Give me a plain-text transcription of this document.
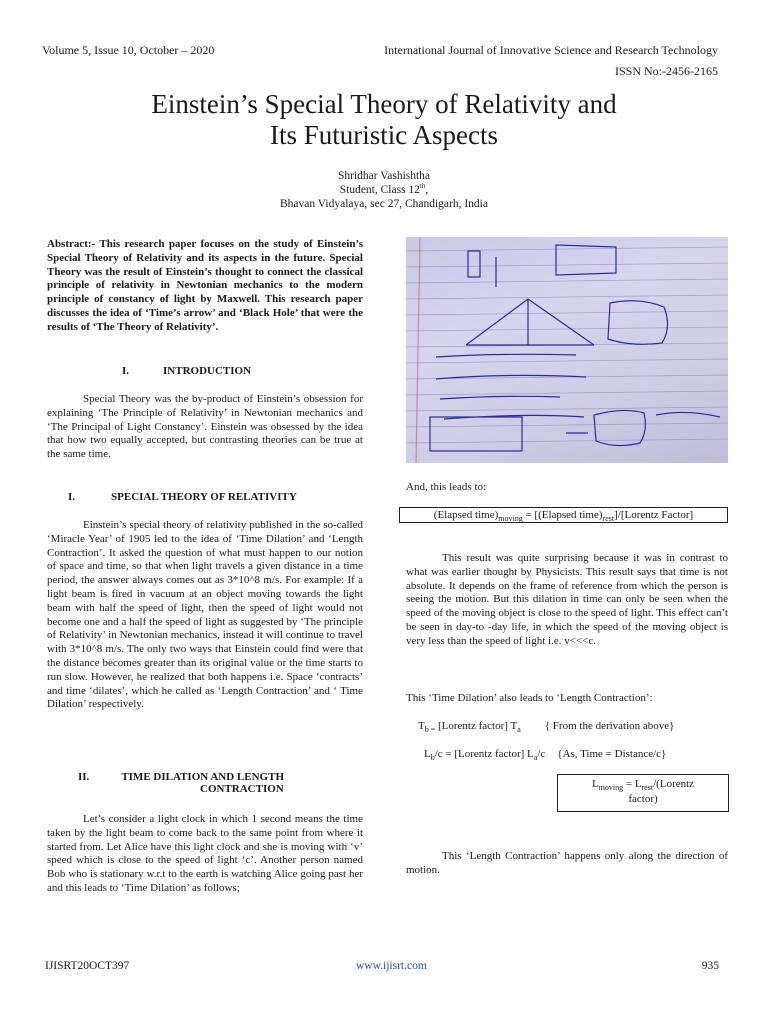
Volume 5, Issue 10, October – 2020	International Journal of Innovative Science and Research Technology
ISSN No:-2456-2165
Einstein’s Special Theory of Relativity and
Its Futuristic Aspects
Shridhar Vashishtha
Student, Class 12th,
Bhavan Vidyalaya, sec 27, Chandigarh, India
Abstract:- This research paper focuses on the study of Einstein’s Special Theory of Relativity and its aspects in the future. Special Theory was the result of Einstein’s thought to connect the classical principle of relativity in Newtonian mechanics to the modern principle of constancy of light by Maxwell. This research paper discusses the idea of ‘Time’s arrow’ and ‘Black Hole’ that were the results of ‘The Theory of Relativity’.
I.	INTRODUCTION
Special Theory was the by-product of Einstein’s obsession for explaining ‘The Principle of Relativity’ in Newtonian mechanics and ‘The Principal of Light Constancy’. Einstein was obsessed by the idea that how two equally accepted, but contrasting theories can be true at the same time.
I.	SPECIAL THEORY OF RELATIVITY
Einstein’s special theory of relativity published in the so-called ‘Miracle Year’ of 1905 led to the idea of ‘Time Dilation’ and ‘Length Contraction’. It asked the question of what must happen to our notion of space and time, so that when light travels a given distance in a time period, the answer always comes out as 3*10^8 m/s. For example: If a light beam is fired in vacuum at an object moving towards the light beam with half the speed of light, then the speed of light would not become one and a half the speed of light as suggested by ‘The principle of Relativity’ in Newtonian mechanics, instead it will continue to travel with 3*10^8 m/s. The only two ways that Einstein could find were that the distance becomes greater than its original value or the time starts to run slow. However, he realized that both happens i.e. Space ‘contracts’ and time ‘dilates’, which he called as ‘Length Contraction’ and ‘ Time Dilation’ respectively.
II.	TIME DILATION AND LENGTH
CONTRACTION
Let’s consider a light clock in which 1 second means the time taken by the light beam to come back to the same point from where it started from. Let Alice have this light clock and she is moving with ‘v’ speed which is close to the speed of light ‘c’. Another person named Bob who is stationary w.r.t to the earth is watching Alice going past her and this leads to ‘Time Dilation’ as follows;
And, this leads to:
(Elapsed $time)_{moving}$ = [(Elapsed $time)_{rest}]/[Lorentz$ Factor]
This result was quite surprising because it was in contrast to what was earlier thought by Physicists. This result says that time is not absolute. It depends on the frame of reference from which the person is seeing the motion. But this dilation in time can only be seen when the speed of the moving object is close to the speed of light. This effect can’t be seen in day-to -day life, in which the speed of the moving object is very less than the speed of light i.e. v<<<c.
This ‘Time Dilation’ also leads to ‘Length Contraction’:
$T_{b =}$ [Lorentz factor] $T_a$ { From the derivation above}
$L_b/c$ = [Lorentz factor] $L_a/c$ {As, Time = Distance/c}
$L_{moving}$ = $L_{rest}/(Lorentz$
factor)
This ‘Length Contraction’ happens only along the direction of motion.
IJISRT20OCT397	www.ijisrt.com	935
